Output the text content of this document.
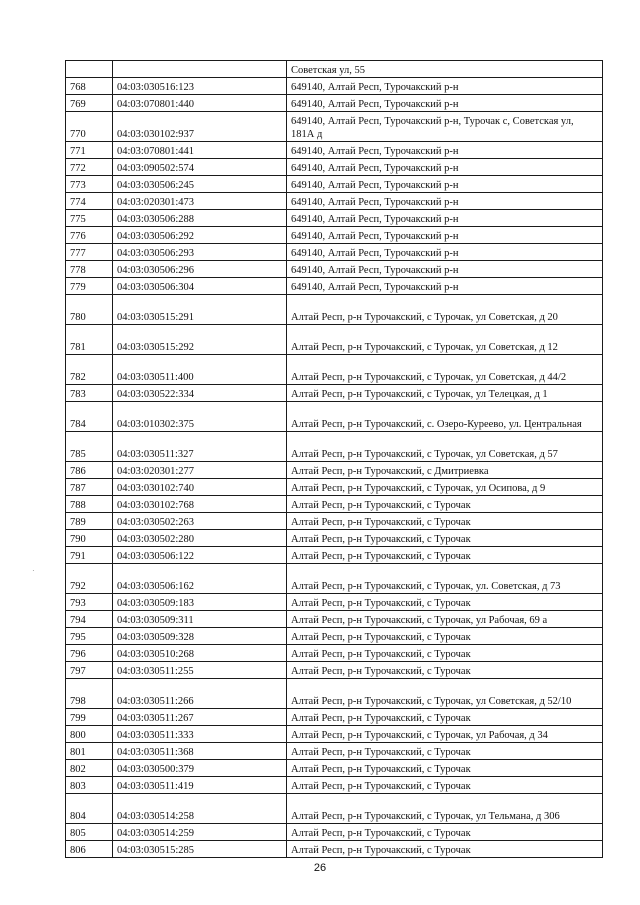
		Советская ул, 55
768	04:03:030516:123	649140, Алтай Респ, Турочакский р-н
769	04:03:070801:440	649140, Алтай Респ, Турочакский р-н
770	04:03:030102:937	649140, Алтай Респ, Турочакский р-н, Турочак с, Советская ул, 181А д
771	04:03:070801:441	649140, Алтай Респ, Турочакский р-н
772	04:03:090502:574	649140, Алтай Респ, Турочакский р-н
773	04:03:030506:245	649140, Алтай Респ, Турочакский р-н
774	04:03:020301:473	649140, Алтай Респ, Турочакский р-н
775	04:03:030506:288	649140, Алтай Респ, Турочакский р-н
776	04:03:030506:292	649140, Алтай Респ, Турочакский р-н
777	04:03:030506:293	649140, Алтай Респ, Турочакский р-н
778	04:03:030506:296	649140, Алтай Респ, Турочакский р-н
779	04:03:030506:304	649140, Алтай Респ, Турочакский р-н
780	04:03:030515:291	Алтай Респ, р-н Турочакский, с Турочак, ул Советская, д 20
781	04:03:030515:292	Алтай Респ, р-н Турочакский, с Турочак, ул Советская, д 12
782	04:03:030511:400	Алтай Респ, р-н Турочакский, с Турочак, ул Советская, д 44/2
783	04:03:030522:334	Алтай Респ, р-н Турочакский, с Турочак, ул Телецкая, д 1
784	04:03:010302:375	Алтай Респ, р-н Турочакский, с. Озеро-Куреево, ул. Центральная
785	04:03:030511:327	Алтай Респ, р-н Турочакский, с Турочак, ул Советская, д 57
786	04:03:020301:277	Алтай Респ, р-н Турочакский, с Дмитриевка
787	04:03:030102:740	Алтай Респ, р-н Турочакский, с Турочак, ул Осипова, д 9
788	04:03:030102:768	Алтай Респ, р-н Турочакский, с Турочак
789	04:03:030502:263	Алтай Респ, р-н Турочакский, с Турочак
790	04:03:030502:280	Алтай Респ, р-н Турочакский, с Турочак
791	04:03:030506:122	Алтай Респ, р-н Турочакский, с Турочак
792	04:03:030506:162	Алтай Респ, р-н Турочакский, с Турочак, ул. Советская, д 73
793	04:03:030509:183	Алтай Респ, р-н Турочакский, с Турочак
794	04:03:030509:311	Алтай Респ, р-н Турочакский, с Турочак, ул Рабочая, 69 а
795	04:03:030509:328	Алтай Респ, р-н Турочакский, с Турочак
796	04:03:030510:268	Алтай Респ, р-н Турочакский, с Турочак
797	04:03:030511:255	Алтай Респ, р-н Турочакский, с Турочак
798	04:03:030511:266	Алтай Респ, р-н Турочакский, с Турочак, ул Советская, д 52/10
799	04:03:030511:267	Алтай Респ, р-н Турочакский, с Турочак
800	04:03:030511:333	Алтай Респ, р-н Турочакский, с Турочак, ул Рабочая, д 34
801	04:03:030511:368	Алтай Респ, р-н Турочакский, с Турочак
802	04:03:030500:379	Алтай Респ, р-н Турочакский, с Турочак
803	04:03:030511:419	Алтай Респ, р-н Турочакский, с Турочак
804	04:03:030514:258	Алтай Респ, р-н Турочакский, с Турочак, ул Тельмана, д 306
805	04:03:030514:259	Алтай Респ, р-н Турочакский, с Турочак
806	04:03:030515:285	Алтай Респ, р-н Турочакский, с Турочак
·
26
